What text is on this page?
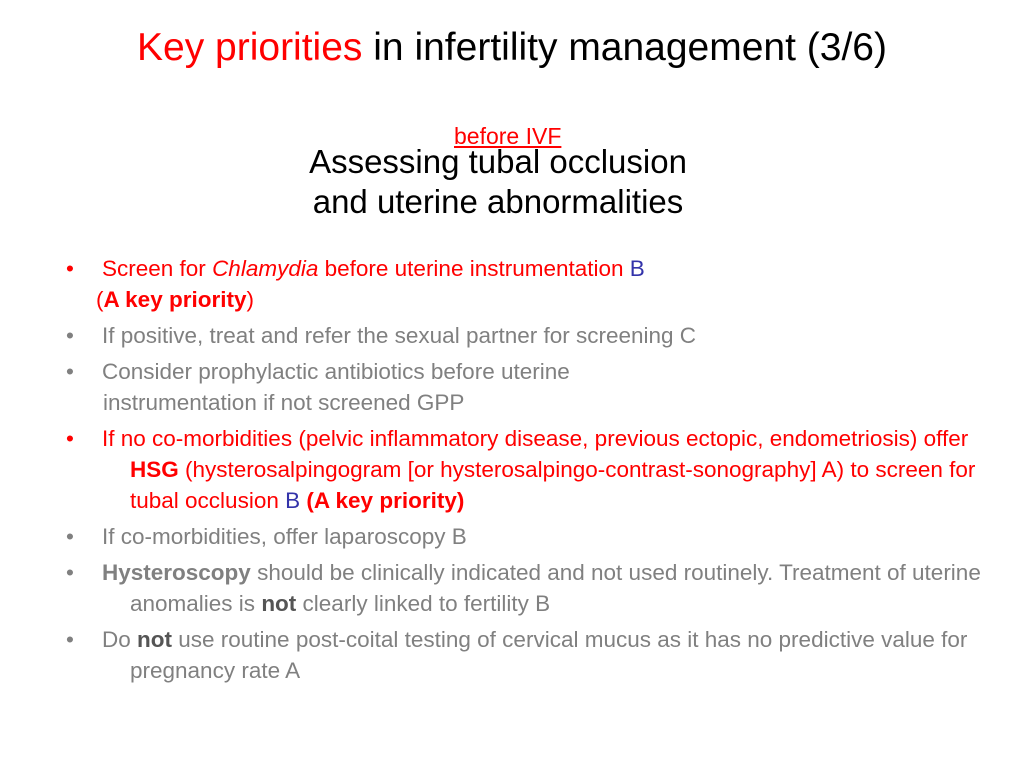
Key priorities in infertility management (3/6)
before IVF
Assessing tubal occlusion
and uterine abnormalities
• Screen for Chlamydia before uterine instrumentation B
(A key priority)
• If positive, treat and refer the sexual partner for screening C
• Consider prophylactic antibiotics before uterine
instrumentation if not screened GPP
• If no co-morbidities (pelvic inflammatory disease, previous ectopic, endometriosis) offer HSG (hysterosalpingogram [or hysterosalpingo-contrast-sonography] A) to screen for tubal occlusion B (A key priority)
• If co-morbidities, offer laparoscopy B
• Hysteroscopy should be clinically indicated and not used routinely. Treatment of uterine anomalies is not clearly linked to fertility B
• Do not use routine post-coital testing of cervical mucus as it has no predictive value for pregnancy rate A
